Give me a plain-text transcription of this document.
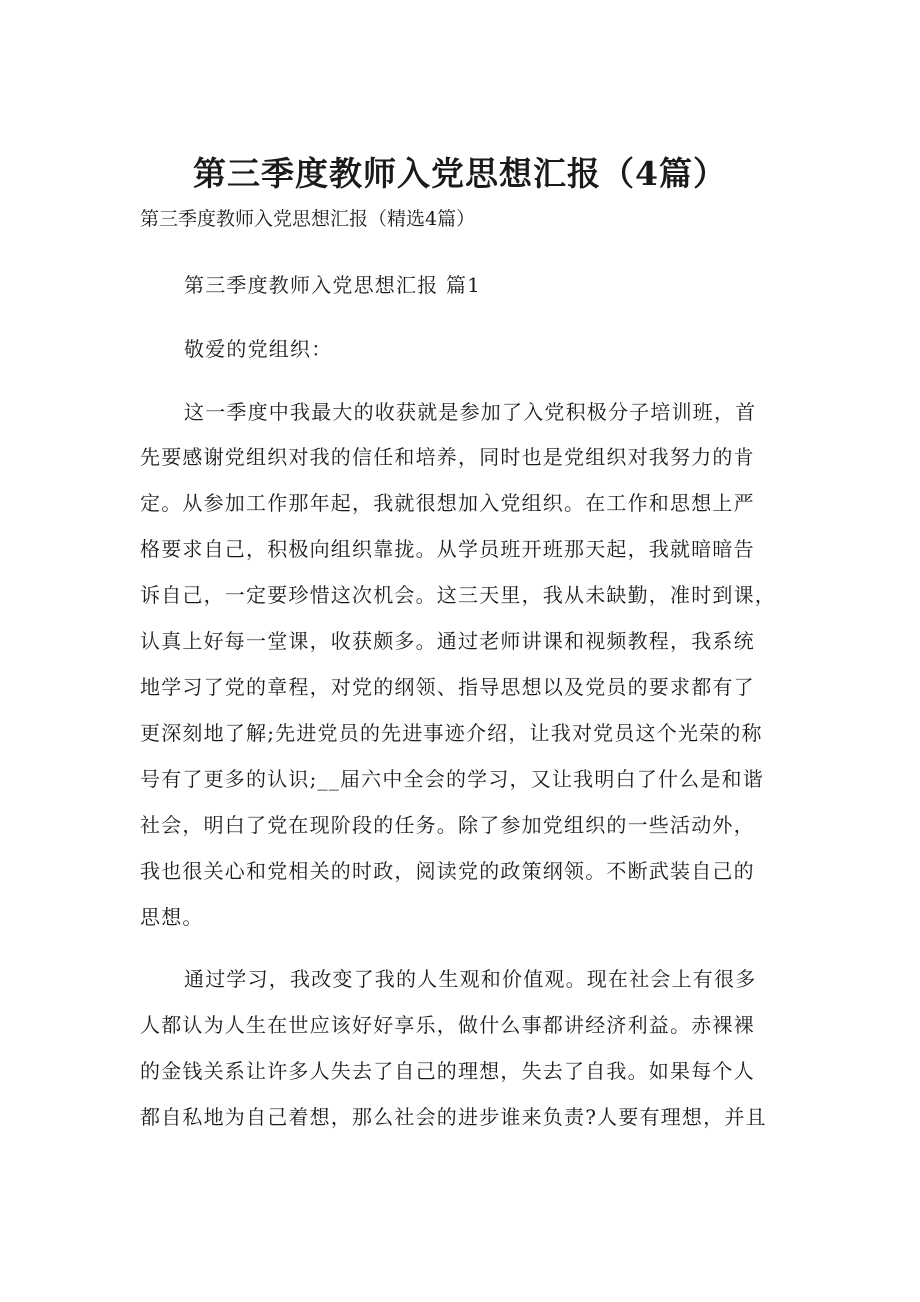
第三季度教师入党思想汇报（4篇）
第三季度教师入党思想汇报（精选4篇）
第三季度教师入党思想汇报 篇1
敬爱的党组织：
这一季度中我最大的收获就是参加了入党积极分子培训班，首
先要感谢党组织对我的信任和培养，同时也是党组织对我努力的肯
定。从参加工作那年起，我就很想加入党组织。在工作和思想上严
格要求自己，积极向组织靠拢。从学员班开班那天起，我就暗暗告
诉自己，一定要珍惜这次机会。这三天里，我从未缺勤，准时到课，
认真上好每一堂课，收获颇多。通过老师讲课和视频教程，我系统
地学习了党的章程，对党的纲领、指导思想以及党员的要求都有了
更深刻地了解;先进党员的先进事迹介绍，让我对党员这个光荣的称
号有了更多的认识;__届六中全会的学习，又让我明白了什么是和谐
社会，明白了党在现阶段的任务。除了参加党组织的一些活动外，
我也很关心和党相关的时政，阅读党的政策纲领。不断武装自己的
思想。
通过学习，我改变了我的人生观和价值观。现在社会上有很多
人都认为人生在世应该好好享乐，做什么事都讲经济利益。赤裸裸
的金钱关系让许多人失去了自己的理想，失去了自我。如果每个人
都自私地为自己着想，那么社会的进步谁来负责?人要有理想，并且
